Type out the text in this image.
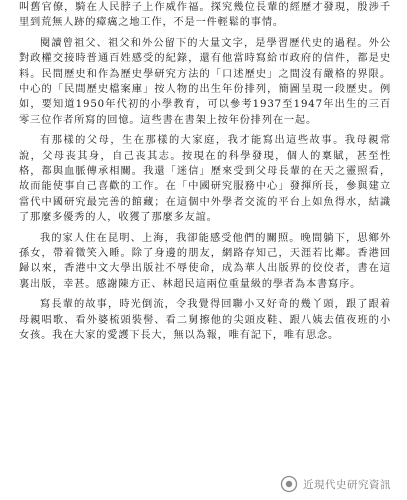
叫舊官僚，騎在人民脖子上作威作福。探究幾位長輩的經歷才發現，殷涉千里到荒無人跡的瘴癘之地工作，不是一件輕鬆的事情。

閱讀曾祖父、祖父和外公留下的大量文字，是學習歷代史的過程。外公對政權交接時普通百姓感受的紀錄，還有他當時寫給市政府的信件，都是史料。民間歷史和作為歷史學研究方法的「口述歷史」之間沒有嚴格的界限。中心的「民間歷史檔案庫」按人物的出生年份排列，簡圖呈現一段歷史。例如，要知道1950年代初的小學教育，可以參考1937至1947年出生的三百零三位作者所寫的回憶。這些書在書架上按年份排列在一起。

有那樣的父母，生在那樣的大家庭，我才能寫出這些故事。我母親常說，父母丧其身，自己丧其志。按現在的科學發現，個人的稟賦，甚至性格，都與血脈傳承相關。我還「迷信」歷來受到父母長輩的在天之靈照看，故而能使事自己喜歡的工作。在「中國研究服務中心」發揮所長，參與建立當代中國研究最完善的館藏；在這個中外學者交流的平台上如魚得水，結識了那麼多優秀的人，收獲了那麼多友誼。

我的家人住在昆明、上海，我卻能感受他們的關照。晚間躺下，思鄉外孫女，帶着微笑入睡。除了身邊的朋友，網路存知己，天涯若比鄰。香港回歸以來，香港中文大學出版社不辱使命，成為華人出版界的佼佼者，書在這裏出版，幸甚。感謝陳方正、林超民這兩位重量級的學者為本書寫序。

寫長輩的故事，時光倒流，令我覺得回聯小又好奇的幾丫頭，跟了跟着母親唱歌、看外婆梳頭裝髻、看二舅擦他的尖頭皮鞋、跟八姨去值夜班的小女孩。我在大家的愛護下長大，無以為報，唯有記下，唯有思念。

近現代史研究資訊
